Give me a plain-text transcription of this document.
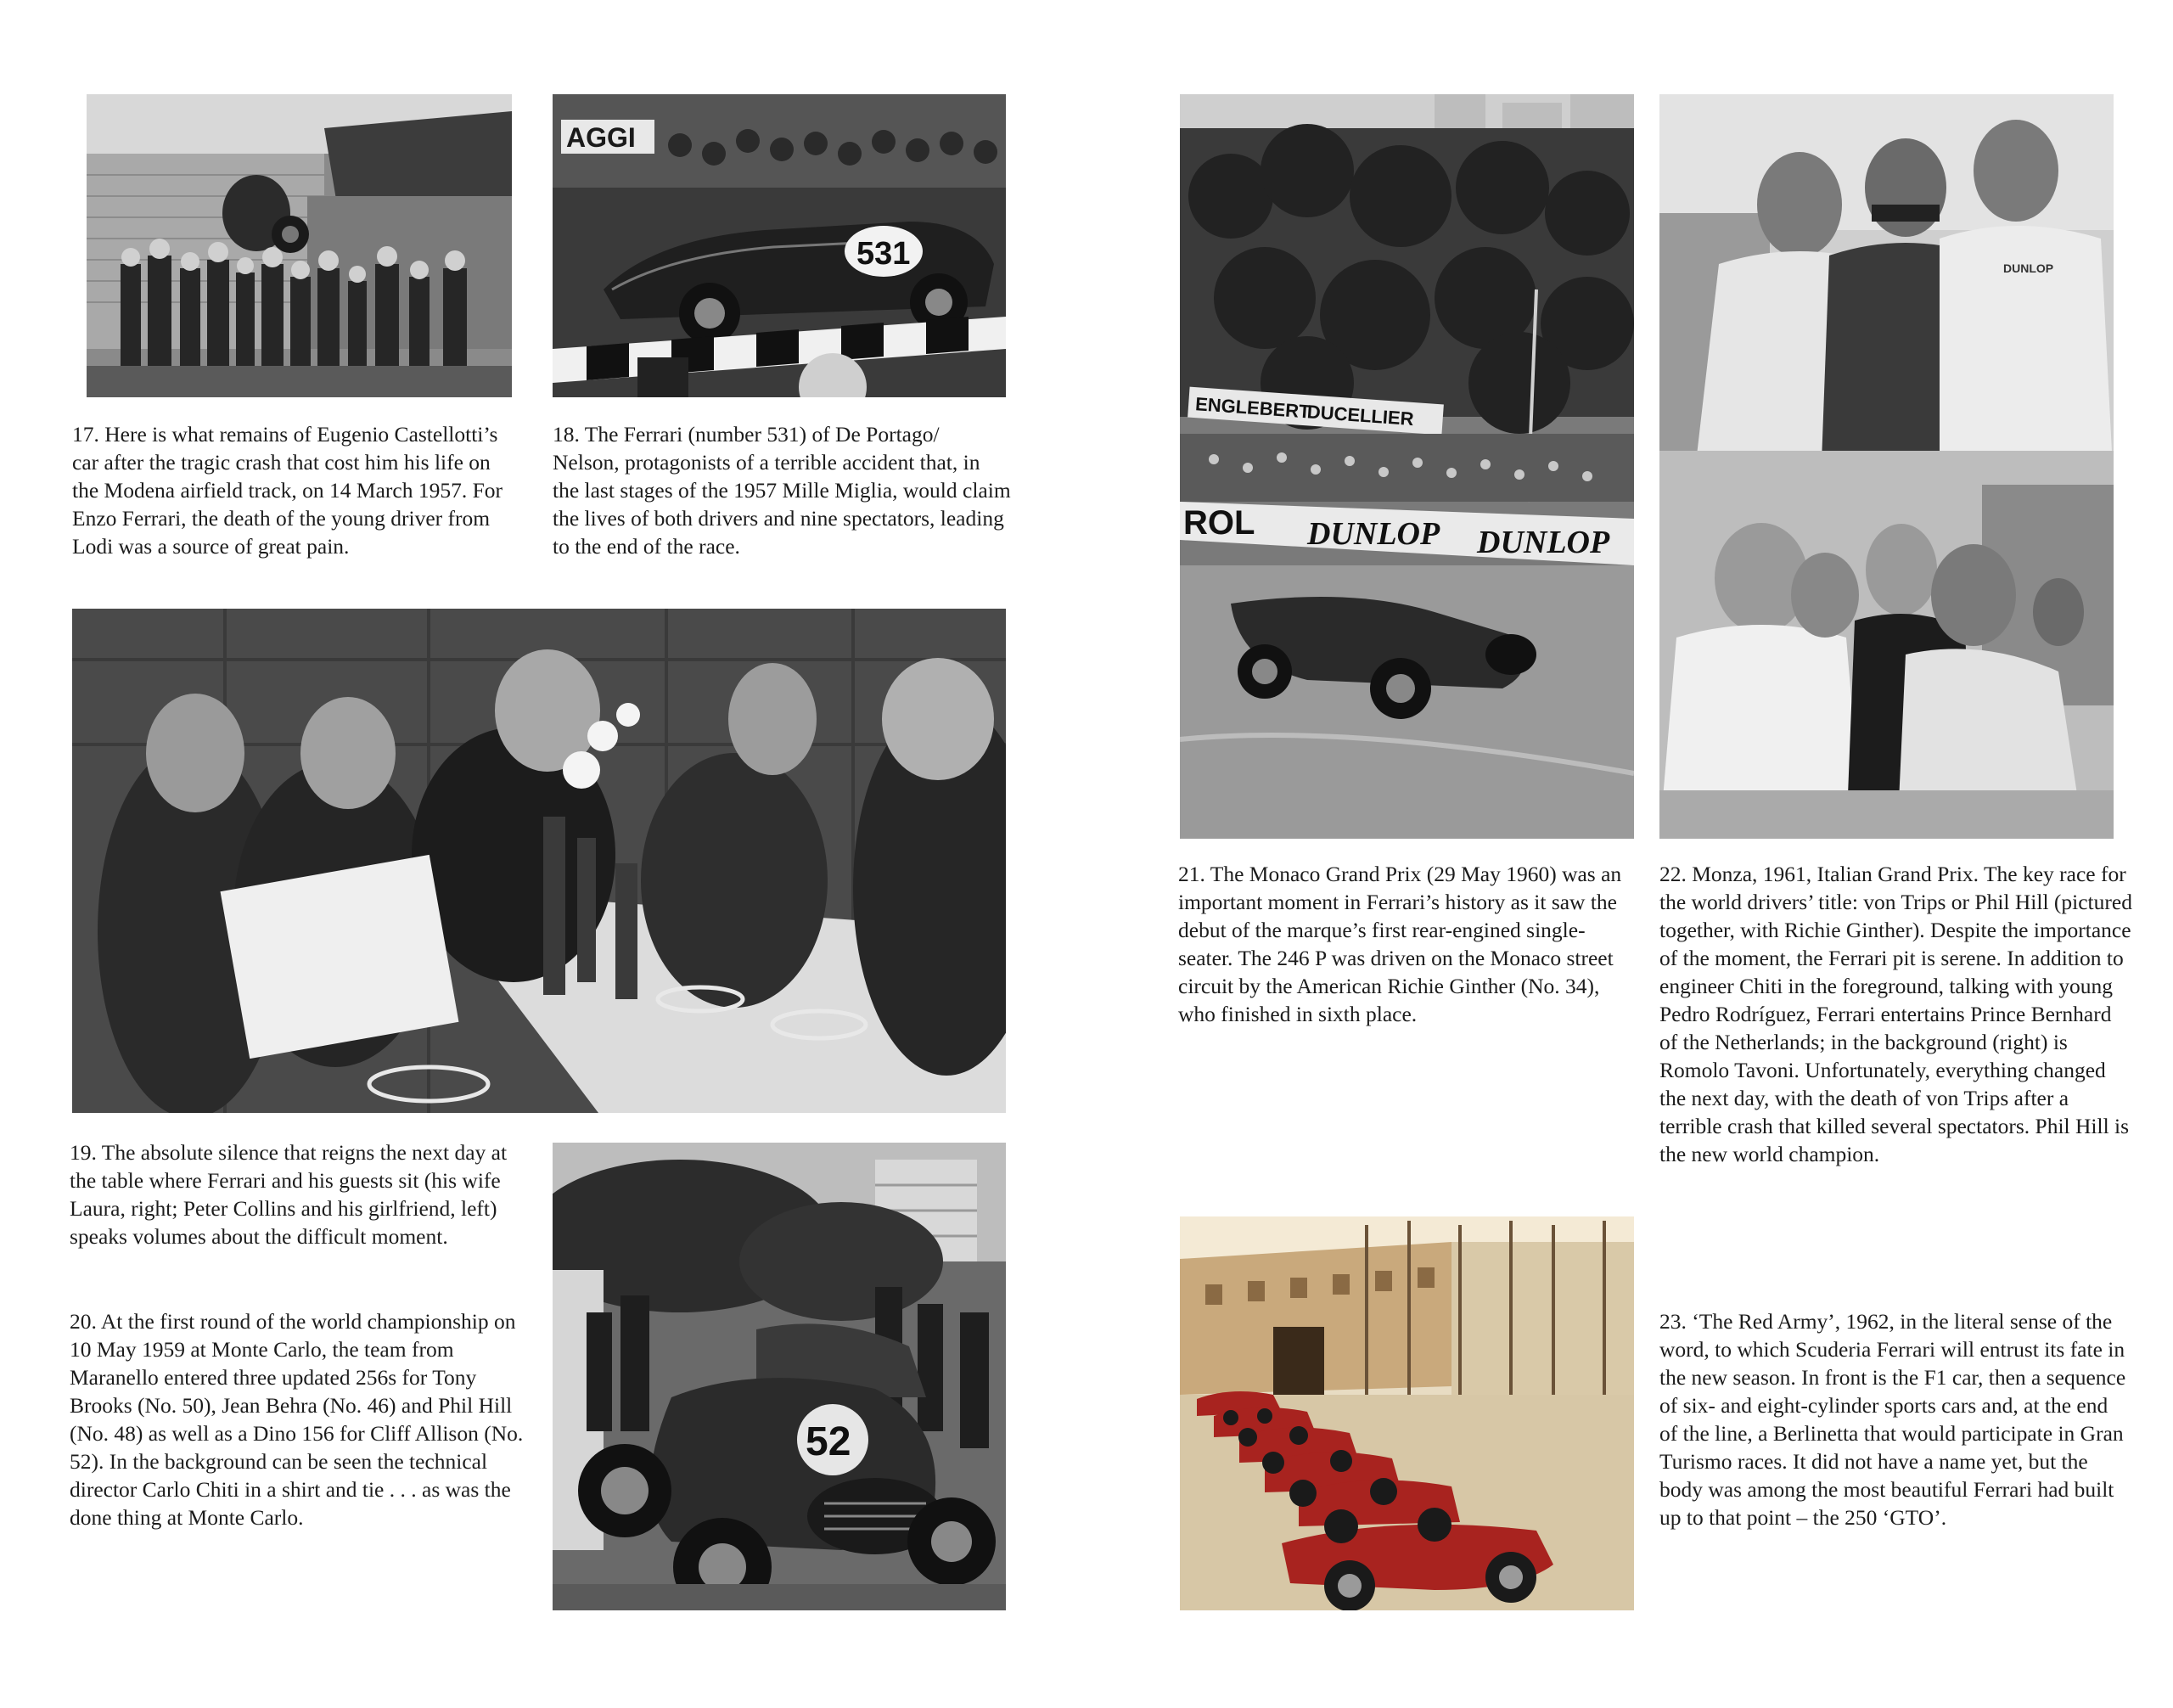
AGGI
531

17. Here is what remains of Eugenio Castellotti’s car after the tragic crash that cost him his life on the Modena airfield track, on 14 March 1957. For Enzo Ferrari, the death of the young driver from Lodi was a source of great pain.

18. The Ferrari (number 531) of De Portago/ Nelson, protagonists of a terrible accident that, in the last stages of the 1957 Mille Miglia, would claim the lives of both drivers and nine spectators, leading to the end of the race.

19. The absolute silence that reigns the next day at the table where Ferrari and his guests sit (his wife Laura, right; Peter Collins and his girlfriend, left) speaks volumes about the difficult moment.

20. At the first round of the world championship on 10 May 1959 at Monte Carlo, the team from Maranello entered three updated 256s for Tony Brooks (No. 50), Jean Behra (No. 46) and Phil Hill (No. 48) as well as a Dino 156 for Cliff Allison (No. 52). In the background can be seen the technical director Carlo Chiti in a shirt and tie . . . as was the done thing at Monte Carlo.

52
ENGLEBERT
DUCELLIER
ROL DUNLOP DUNLOP
DUNLOP

21. The Monaco Grand Prix (29 May 1960) was an important moment in Ferrari’s history as it saw the debut of the marque’s first rear-engined single-seater. The 246 P was driven on the Monaco street circuit by the American Richie Ginther (No. 34), who finished in sixth place.

22. Monza, 1961, Italian Grand Prix. The key race for the world drivers’ title: von Trips or Phil Hill (pictured together, with Richie Ginther). Despite the importance of the moment, the Ferrari pit is serene. In addition to engineer Chiti in the foreground, talking with young Pedro Rodríguez, Ferrari entertains Prince Bernhard of the Netherlands; in the background (right) is Romolo Tavoni. Unfortunately, everything changed the next day, with the death of von Trips after a terrible crash that killed several spectators. Phil Hill is the new world champion.

23. ‘The Red Army’, 1962, in the literal sense of the word, to which Scuderia Ferrari will entrust its fate in the new season. In front is the F1 car, then a sequence of six- and eight-cylinder sports cars and, at the end of the line, a Berlinetta that would participate in Gran Turismo races. It did not have a name yet, but the body was among the most beautiful Ferrari had built up to that point – the 250 ‘GTO’.
